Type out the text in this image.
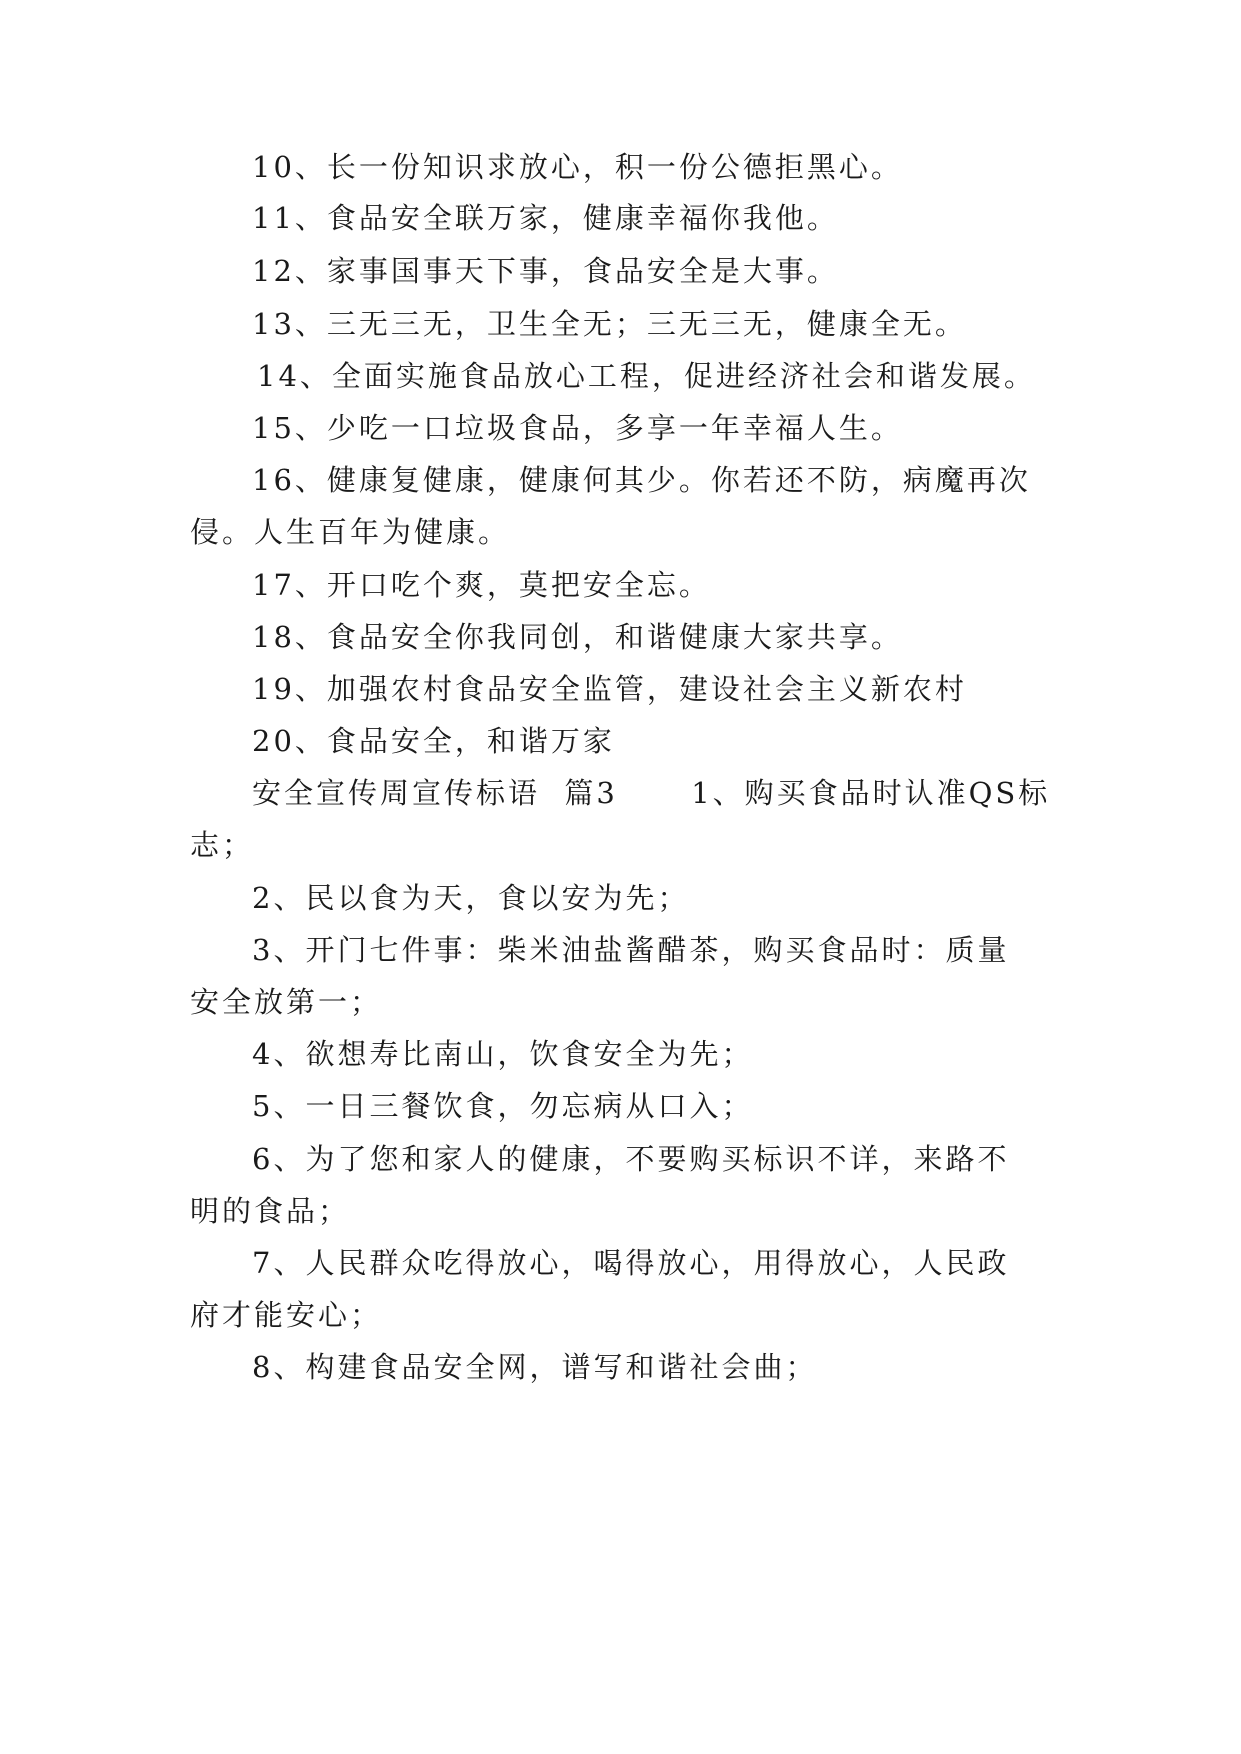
10、长一份知识求放心，积一份公德拒黑心。

11、食品安全联万家，健康幸福你我他。

12、家事国事天下事，食品安全是大事。

13、三无三无，卫生全无；三无三无，健康全无。

14、全面实施食品放心工程，促进经济社会和谐发展。

15、少吃一口垃圾食品，多享一年幸福人生。

16、健康复健康，健康何其少。你若还不防，病魔再次

侵。人生百年为健康。

17、开口吃个爽，莫把安全忘。

18、食品安全你我同创，和谐健康大家共享。

19、加强农村食品安全监管，建设社会主义新农村

20、食品安全，和谐万家

安全宣传周宣传标语  篇3      1、购买食品时认准QS标

志；

2、民以食为天，食以安为先；

3、开门七件事：柴米油盐酱醋茶，购买食品时：质量

安全放第一；

4、欲想寿比南山，饮食安全为先；

5、一日三餐饮食，勿忘病从口入；

6、为了您和家人的健康，不要购买标识不详，来路不

明的食品；

7、人民群众吃得放心，喝得放心，用得放心，人民政

府才能安心；

8、构建食品安全网，谱写和谐社会曲；
